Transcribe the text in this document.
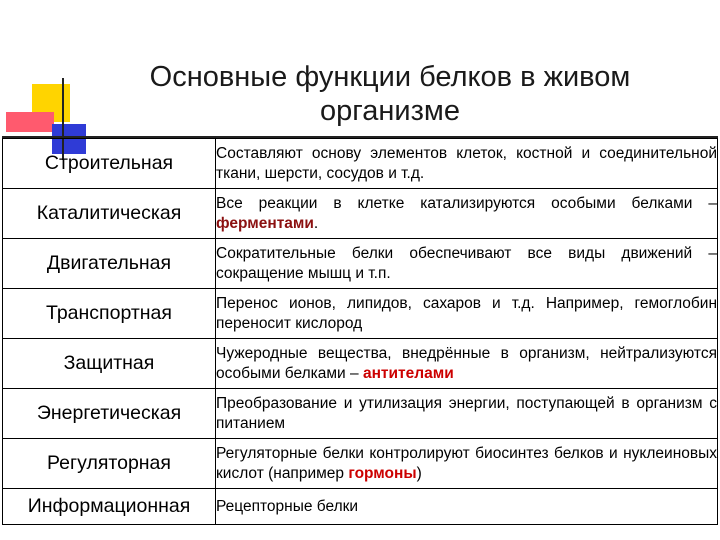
Основные функции белков в живом организме
Строительная	Составляют основу элементов клеток, костной и соединительной ткани, шерсти, сосудов и т.д.
Каталитическая	Все реакции в клетке катализируются особыми белками – ферментами.
Двигательная	Сократительные белки обеспечивают все виды движений – сокращение мышц и т.п.
Транспортная	Перенос ионов, липидов, сахаров и т.д. Например, гемоглобин переносит кислород
Защитная	Чужеродные вещества, внедрённые в организм, нейтрализуются особыми белками – антителами
Энергетическая	Преобразование и утилизация энергии, поступающей в организм с питанием
Регуляторная	Регуляторные белки контролируют биосинтез белков и нуклеиновых кислот (например гормоны)
Информационная	Рецепторные белки
